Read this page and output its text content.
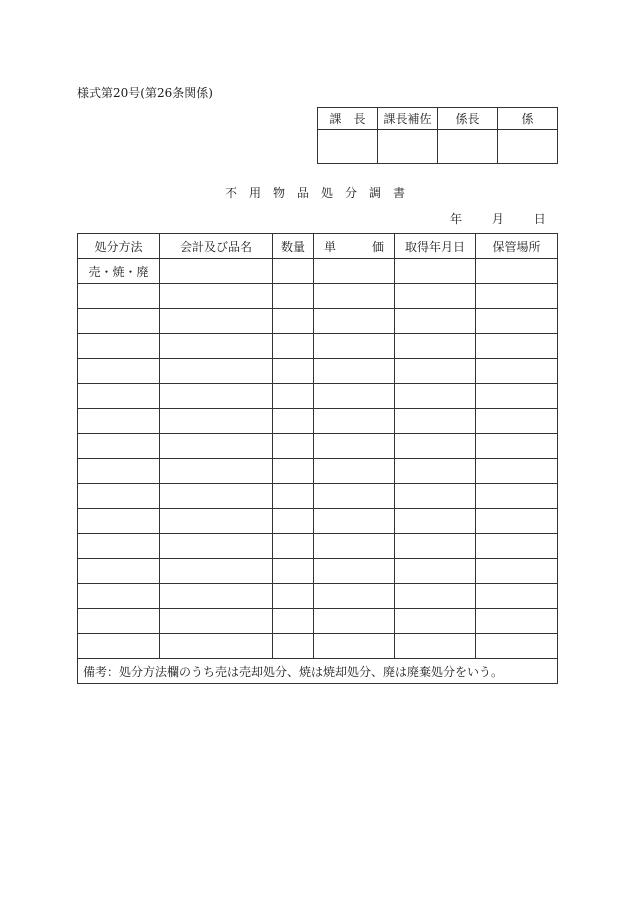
様式第20号(第26条関係)
課　長	課長補佐	係長	係

不用物品処分調書
年 月 日
処分方法	会計及び品名	数量	単 価	取得年月日	保管場所
売・焼・廃					

備考：処分方法欄のうち売は売却処分、焼は焼却処分、廃は廃棄処分をいう。					
